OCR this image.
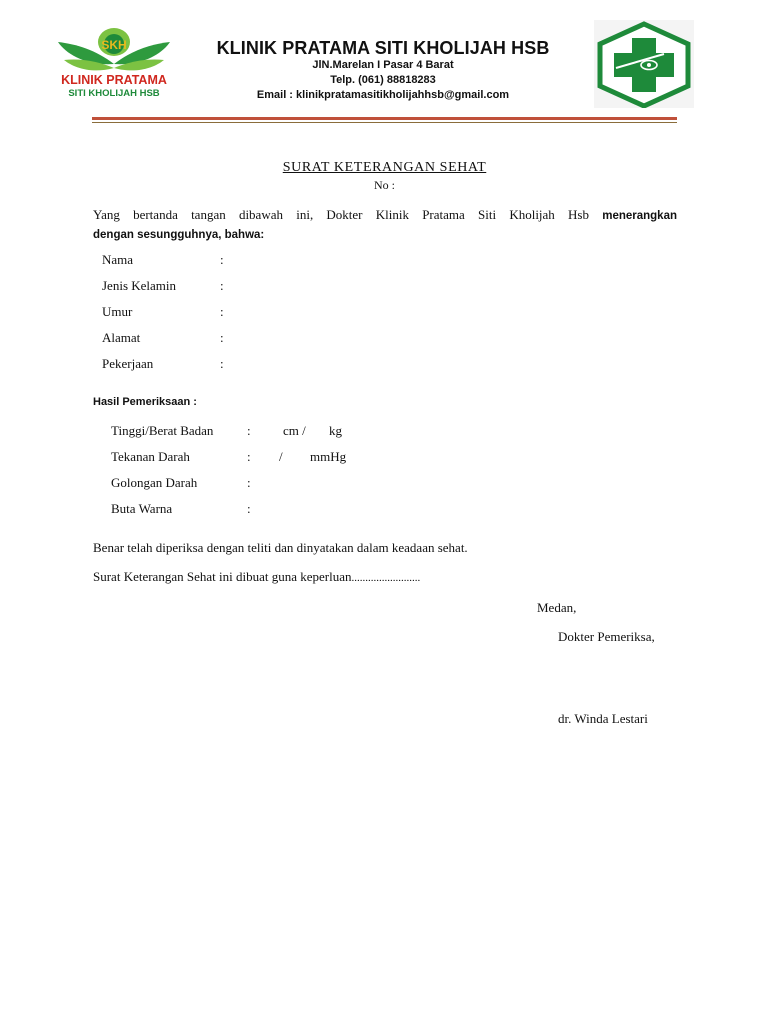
SKH
KLINIK PRATAMA
SITI KHOLIJAH HSB
KLINIK PRATAMA SITI KHOLIJAH HSB
JlN.Marelan I Pasar 4 Barat
Telp. (061) 88818283
Email : klinikpratamasitikholijahhsb@gmail.com
SURAT KETERANGAN SEHAT
No :
Yang bertanda tangan dibawah ini, Dokter Klinik Pratama Siti Kholijah Hsb menerangkan
dengan sesungguhnya, bahwa:
Nama	:
Jenis Kelamin	:
Umur	:
Alamat	:
Pekerjaan	:
Hasil Pemeriksaan :
Tinggi/Berat Badan	: cm / kg
Tekanan Darah	: / mmHg
Golongan Darah	:
Buta Warna	:
Benar telah diperiksa dengan teliti dan dinyatakan dalam keadaan sehat.
Surat Keterangan Sehat ini dibuat guna keperluan.........................
Medan,
Dokter Pemeriksa,
dr. Winda Lestari
